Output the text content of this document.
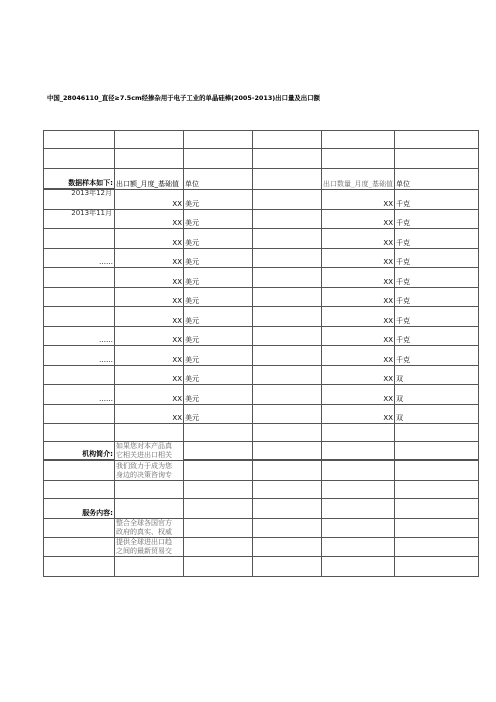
中国_28046110_直径≥7.5cm经掺杂用于电子工业的单晶硅棒(2005-2013)出口量及出口额

数据样本如下:	出口额_月度_基础值	单位		出口数量_月度_基础值	单位

2013年12月	XX	美元		XX	千克

2013年11月	XX	美元		XX	千克
	XX	美元		XX	千克
……	XX	美元		XX	千克
	XX	美元		XX	千克
	XX	美元		XX	千克
	XX	美元		XX	千克
……	XX	美元		XX	千克
……	XX	美元		XX	千克
	XX	美元		XX	双
……	XX	美元		XX	双
	XX	美元		XX	双

机构简介:	如果您对本产品真
它相关进出口相关				

	我们致力于成为您
身边的决策咨询专				

服务内容:					
	整合全球各国官方
政府的真实、权威				
	提供全球进出口趋
之间的最新贸易交				
